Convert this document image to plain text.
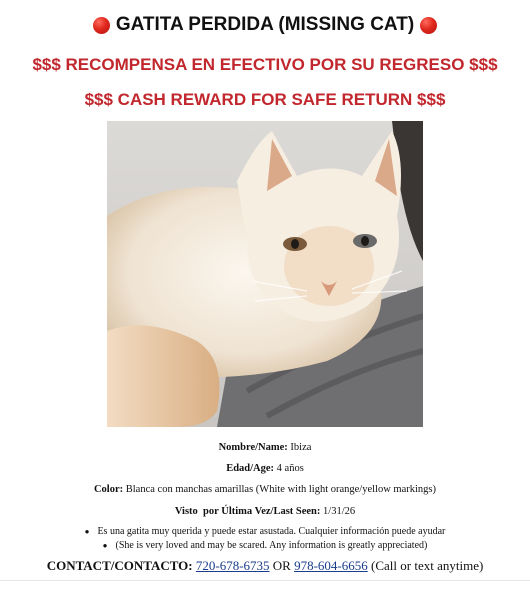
GATITA PERDIDA (MISSING CAT)
$$$ RECOMPENSA EN EFECTIVO POR SU REGRESO $$$
$$$ CASH REWARD FOR SAFE RETURN $$$
Nombre/Name: Ibiza
Edad/Age: 4 años
Color: Blanca con manchas amarillas (White with light orange/yellow markings)
Visto  por Última Vez/Last Seen: 1/31/26
● Es una gatita muy querida y puede estar asustada. Cualquier información puede ayudar
● (She is very loved and may be scared. Any information is greatly appreciated)
CONTACT/CONTACTO: 720-678-6735 OR 978-604-6656 (Call or text anytime)
